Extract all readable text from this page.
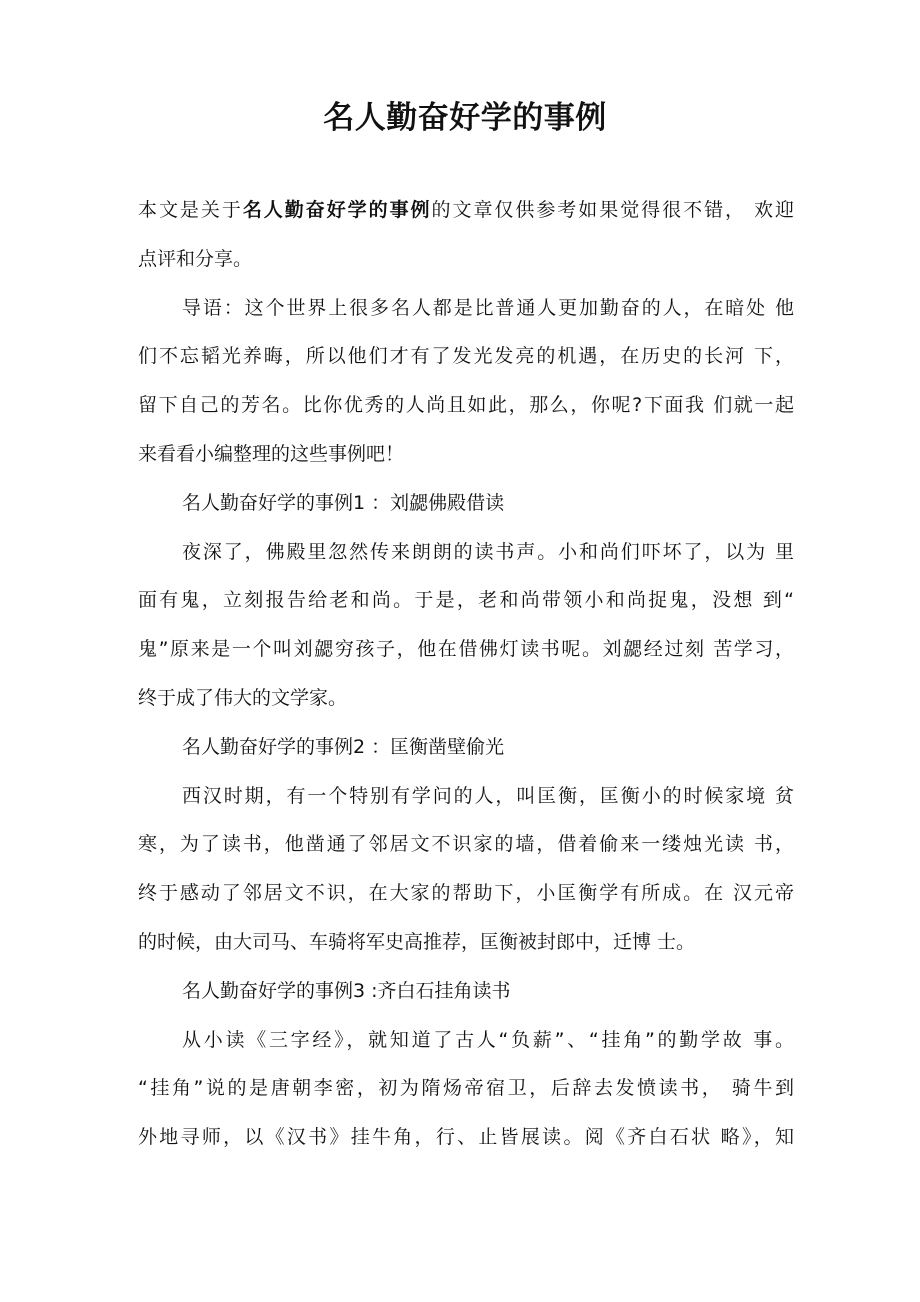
名人勤奋好学的事例
本文是关于名人勤奋好学的事例的文章仅供参考如果觉得很不错， 欢迎
点评和分享。
导语：这个世界上很多名人都是比普通人更加勤奋的人，在暗处 他
们不忘韬光养晦，所以他们才有了发光发亮的机遇，在历史的长河 下，
留下自己的芳名。比你优秀的人尚且如此，那么，你呢?下面我 们就一起
来看看小编整理的这些事例吧！
名人勤奋好学的事例1 ：刘勰佛殿借读
夜深了，佛殿里忽然传来朗朗的读书声。小和尚们吓坏了，以为 里
面有鬼，立刻报告给老和尚。于是，老和尚带领小和尚捉鬼，没想 到“
鬼”原来是一个叫刘勰穷孩子，他在借佛灯读书呢。刘勰经过刻 苦学习，
终于成了伟大的文学家。
名人勤奋好学的事例2 ：匡衡凿壁偷光
西汉时期，有一个特别有学问的人，叫匡衡，匡衡小的时候家境 贫
寒，为了读书，他凿通了邻居文不识家的墙，借着偷来一缕烛光读 书，
终于感动了邻居文不识，在大家的帮助下，小匡衡学有所成。在 汉元帝
的时候，由大司马、车骑将军史高推荐，匡衡被封郎中，迁博 士。
名人勤奋好学的事例3 :齐白石挂角读书
从小读《三字经》，就知道了古人“负薪”、“挂角”的勤学故 事。
“挂角”说的是唐朝李密，初为隋炀帝宿卫，后辞去发愤读书， 骑牛到
外地寻师，以《汉书》挂牛角，行、止皆展读。阅《齐白石状 略》，知
